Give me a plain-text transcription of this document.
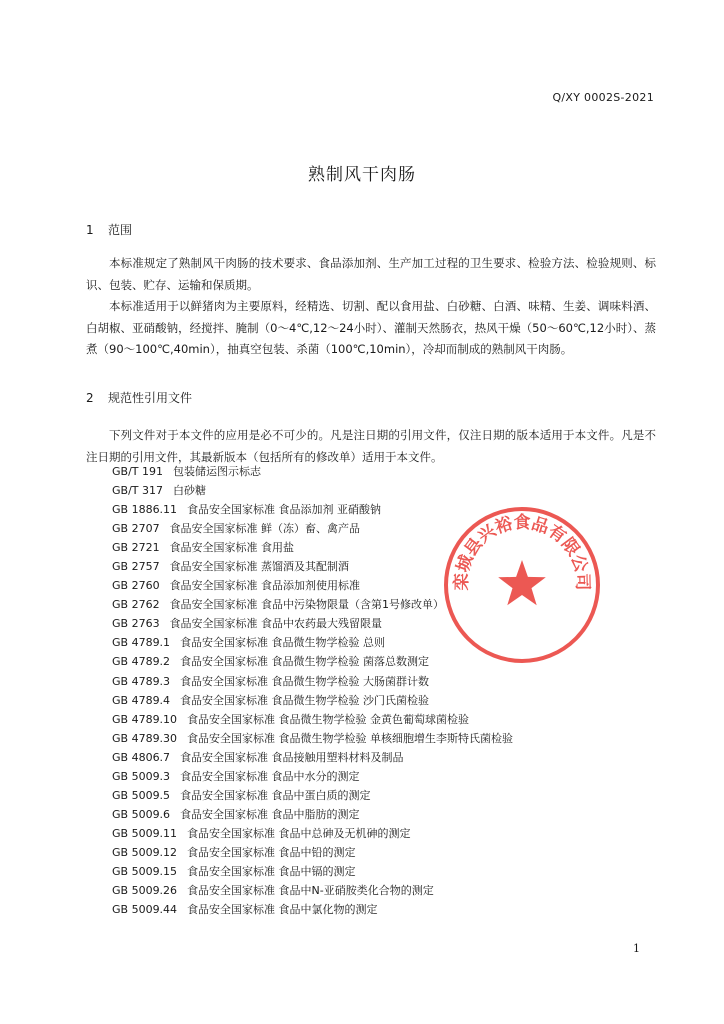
Q/XY 0002S-2021
熟制风干肉肠
1 范围

本标准规定了熟制风干肉肠的技术要求、食品添加剂、生产加工过程的卫生要求、检验方法、检验规则、标识、包装、贮存、运输和保质期。

本标准适用于以鲜猪肉为主要原料，经精选、切割、配以食用盐、白砂糖、白酒、味精、生姜、调味料酒、白胡椒、亚硝酸钠，经搅拌、腌制（0～4℃,12～24小时）、灌制天然肠衣，热风干燥（50～60℃,12小时）、蒸煮（90～100℃,40min），抽真空包装、杀菌（100℃,10min），冷却而制成的熟制风干肉肠。

2 规范性引用文件

下列文件对于本文件的应用是必不可少的。凡是注日期的引用文件，仅注日期的版本适用于本文件。凡是不注日期的引用文件，其最新版本（包括所有的修改单）适用于本文件。

GB/T 191 包装储运图示标志
GB/T 317 白砂糖
GB 1886.11 食品安全国家标准 食品添加剂 亚硝酸钠
GB 2707 食品安全国家标准 鲜（冻）畜、禽产品
GB 2721 食品安全国家标准 食用盐
GB 2757 食品安全国家标准 蒸馏酒及其配制酒
GB 2760 食品安全国家标准 食品添加剂使用标准
GB 2762 食品安全国家标准 食品中污染物限量（含第1号修改单）
GB 2763 食品安全国家标准 食品中农药最大残留限量
GB 4789.1 食品安全国家标准 食品微生物学检验 总则
GB 4789.2 食品安全国家标准 食品微生物学检验 菌落总数测定
GB 4789.3 食品安全国家标准 食品微生物学检验 大肠菌群计数
GB 4789.4 食品安全国家标准 食品微生物学检验 沙门氏菌检验
GB 4789.10 食品安全国家标准 食品微生物学检验 金黄色葡萄球菌检验
GB 4789.30 食品安全国家标准 食品微生物学检验 单核细胞增生李斯特氏菌检验
GB 4806.7 食品安全国家标准 食品接触用塑料材料及制品
GB 5009.3 食品安全国家标准 食品中水分的测定
GB 5009.5 食品安全国家标准 食品中蛋白质的测定
GB 5009.6 食品安全国家标准 食品中脂肪的测定
GB 5009.11 食品安全国家标准 食品中总砷及无机砷的测定
GB 5009.12 食品安全国家标准 食品中铅的测定
GB 5009.15 食品安全国家标准 食品中镉的测定
GB 5009.26 食品安全国家标准 食品中N-亚硝胺类化合物的测定
GB 5009.44 食品安全国家标准 食品中氯化物的测定
栾城县兴裕食品有限公司
1
